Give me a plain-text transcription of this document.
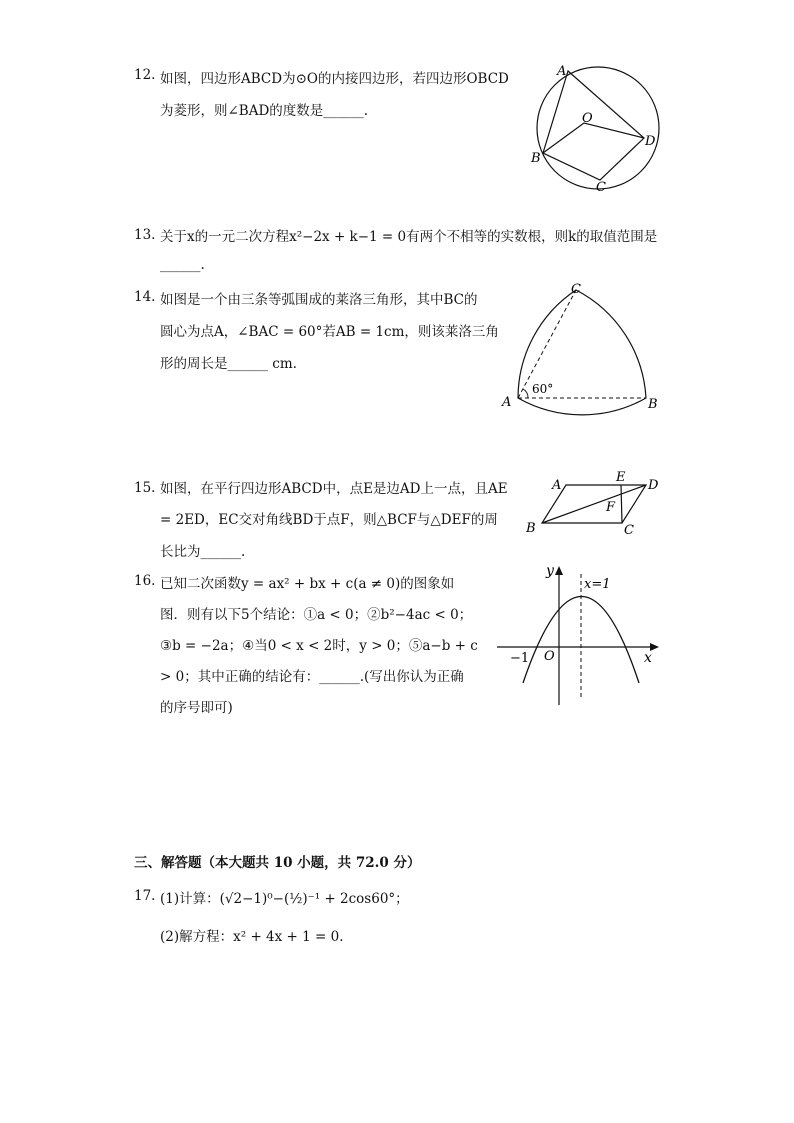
12. 如图，四边形ABCD为⊙O的内接四边形，若四边形OBCD
为菱形，则∠BAD的度数是______.
A
O
B
C
D
13. 关于x的一元二次方程x²−2x + k−1 = 0有两个不相等的实数根，则k的取值范围是
______.
14. 如图是一个由三条等弧围成的莱洛三角形，其中BC的
圆心为点A，∠BAC = 60°若AB = 1cm，则该莱洛三角
形的周长是______ cm.
60°
A	B
C
15. 如图，在平行四边形ABCD中，点E是边AD上一点，且AE
= 2ED，EC交对角线BD于点F，则△BCF与△DEF的周
长比为______.
A
E
D
F
B	C
16. 已知二次函数y = ax² + bx + c(a ≠ 0)的图象如
图．则有以下5个结论：①a < 0；②b²−4ac < 0；
③b = −2a；④当0 < x < 2时，y > 0；⑤a−b + c
> 0；其中正确的结论有：______.(写出你认为正确
的序号即可)
y
x=1
−1 O	x
三、解答题（本大题共 10 小题，共 72.0 分）
17. (1)计算：(√2−1)⁰−(½)⁻¹ + 2cos60°；
(2)解方程：x² + 4x + 1 = 0.
